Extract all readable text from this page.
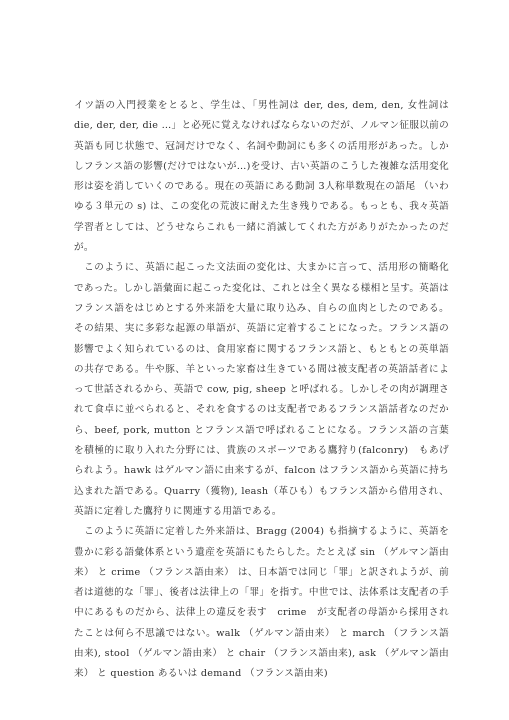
イツ語の入門授業をとると、学生は、「男性詞は der, des, dem, den, 女性詞は die, der, der, die …」と必死に覚えなければならないのだが、ノルマン征服以前の英語も同じ状態で、冠詞だけでなく、名詞や動詞にも多くの活用形があった。しかしフランス語の影響(だけではないが…)を受け、古い英語のこうした複雑な活用変化形は姿を消していくのである。現在の英語にある動詞 3人称単数現在の語尾 （いわゆる３単元の s) は、この変化の荒波に耐えた生き残りである。もっとも、我々英語学習者としては、どうせならこれも一緒に消滅してくれた方がありがたかったのだが。

　このように、英語に起こった文法面の変化は、大まかに言って、活用形の簡略化であった。しかし語彙面に起こった変化は、これとは全く異なる様相と呈す。英語はフランス語をはじめとする外来語を大量に取り込み、自らの血肉としたのである。その結果、実に多彩な起源の単語が、英語に定着することになった。フランス語の影響でよく知られているのは、食用家畜に関するフランス語と、もともとの英単語の共存である。牛や豚、羊といった家畜は生きている間は被支配者の英語話者によって世話されるから、英語で cow, pig, sheep と呼ばれる。しかしその肉が調理されて食卓に並べられると、それを食するのは支配者であるフランス語話者なのだから、beef, pork, mutton とフランス語で呼ばれることになる。フランス語の言葉を積極的に取り入れた分野には、貴族のスポーツである鷹狩り(falconry)　もあげられよう。hawk はゲルマン語に由来するが、falcon はフランス語から英語に持ち込まれた語である。Quarry（獲物), leash（革ひも）もフランス語から借用され、英語に定着した鷹狩りに関連する用語である。

　このように英語に定着した外来語は、Bragg (2004) も指摘するように、英語を豊かに彩る語彙体系という遺産を英語にもたらした。たとえば sin （ゲルマン語由来） と crime （フランス語由来） は、日本語では同じ「罪」と訳されようが、前者は道徳的な「罪」、後者は法律上の「罪」を指す。中世では、法体系は支配者の手中にあるものだから、法律上の違反を表す　crime　が支配者の母語から採用されたことは何ら不思議ではない。walk （ゲルマン語由来） と march （フランス語由来), stool （ゲルマン語由来） と chair （フランス語由来), ask （ゲルマン語由来） と question あるいは demand （フランス語由来)
